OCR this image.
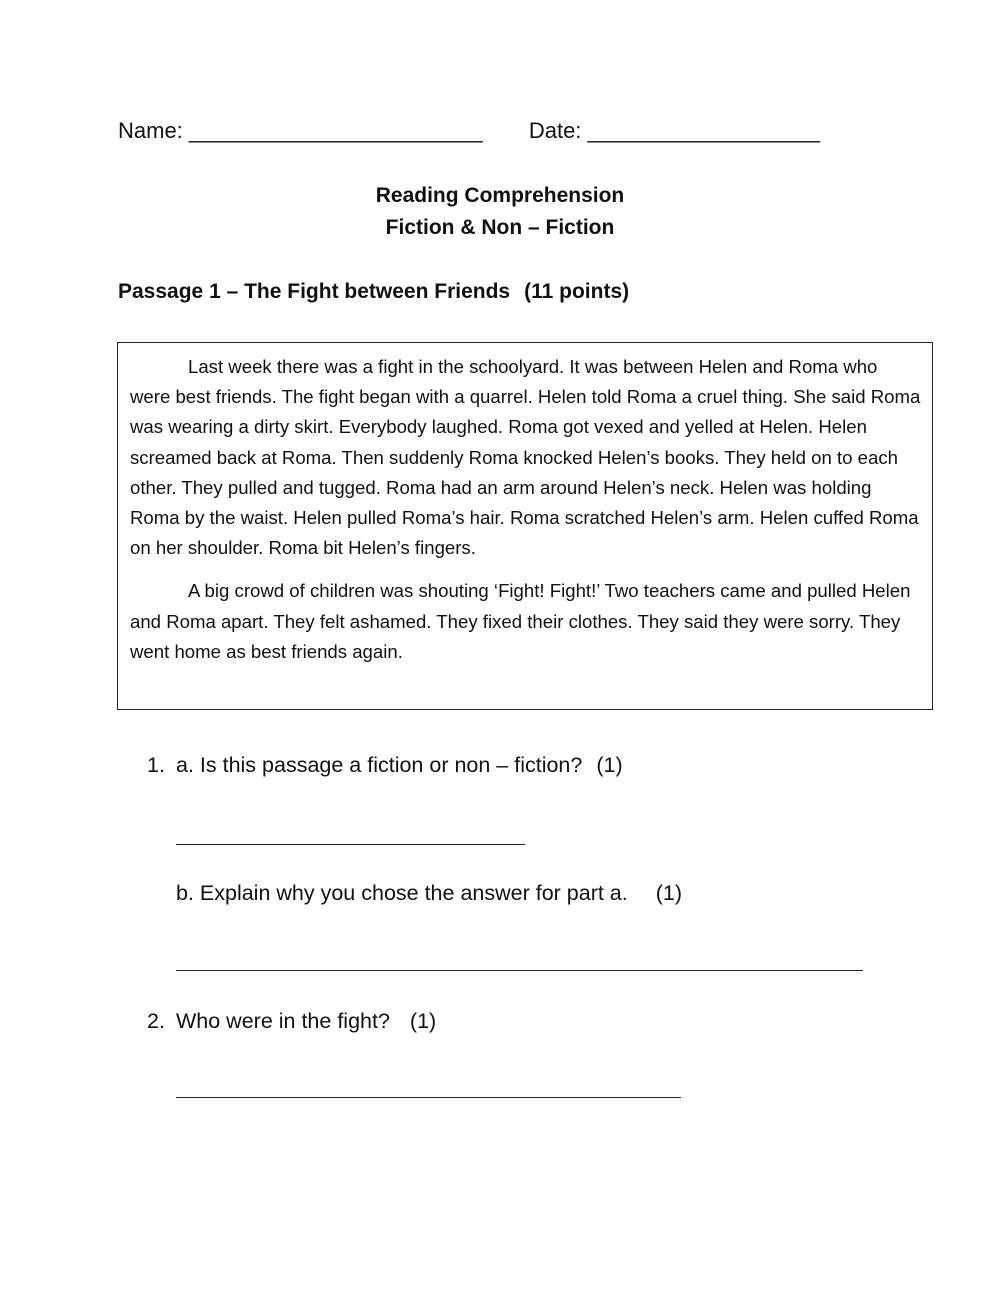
Name: ________________________ Date: ___________________
Reading Comprehension
Fiction & Non – Fiction
Passage 1 – The Fight between Friends (11 points)

Last week there was a fight in the schoolyard. It was between Helen and Roma who were best friends. The fight began with a quarrel. Helen told Roma a cruel thing. She said Roma was wearing a dirty skirt. Everybody laughed. Roma got vexed and yelled at Helen. Helen screamed back at Roma. Then suddenly Roma knocked Helen’s books. They held on to each other. They pulled and tugged. Roma had an arm around Helen’s neck. Helen was holding Roma by the waist. Helen pulled Roma’s hair. Roma scratched Helen’s arm. Helen cuffed Roma on her shoulder. Roma bit Helen’s fingers.

A big crowd of children was shouting ‘Fight! Fight!’ Two teachers came and pulled Helen and Roma apart. They felt ashamed. They fixed their clothes. They said they were sorry. They went home as best friends again.

1. a. Is this passage a fiction or non – fiction? (1)
b. Explain why you chose the answer for part a. (1)
2. Who were in the fight? (1)
